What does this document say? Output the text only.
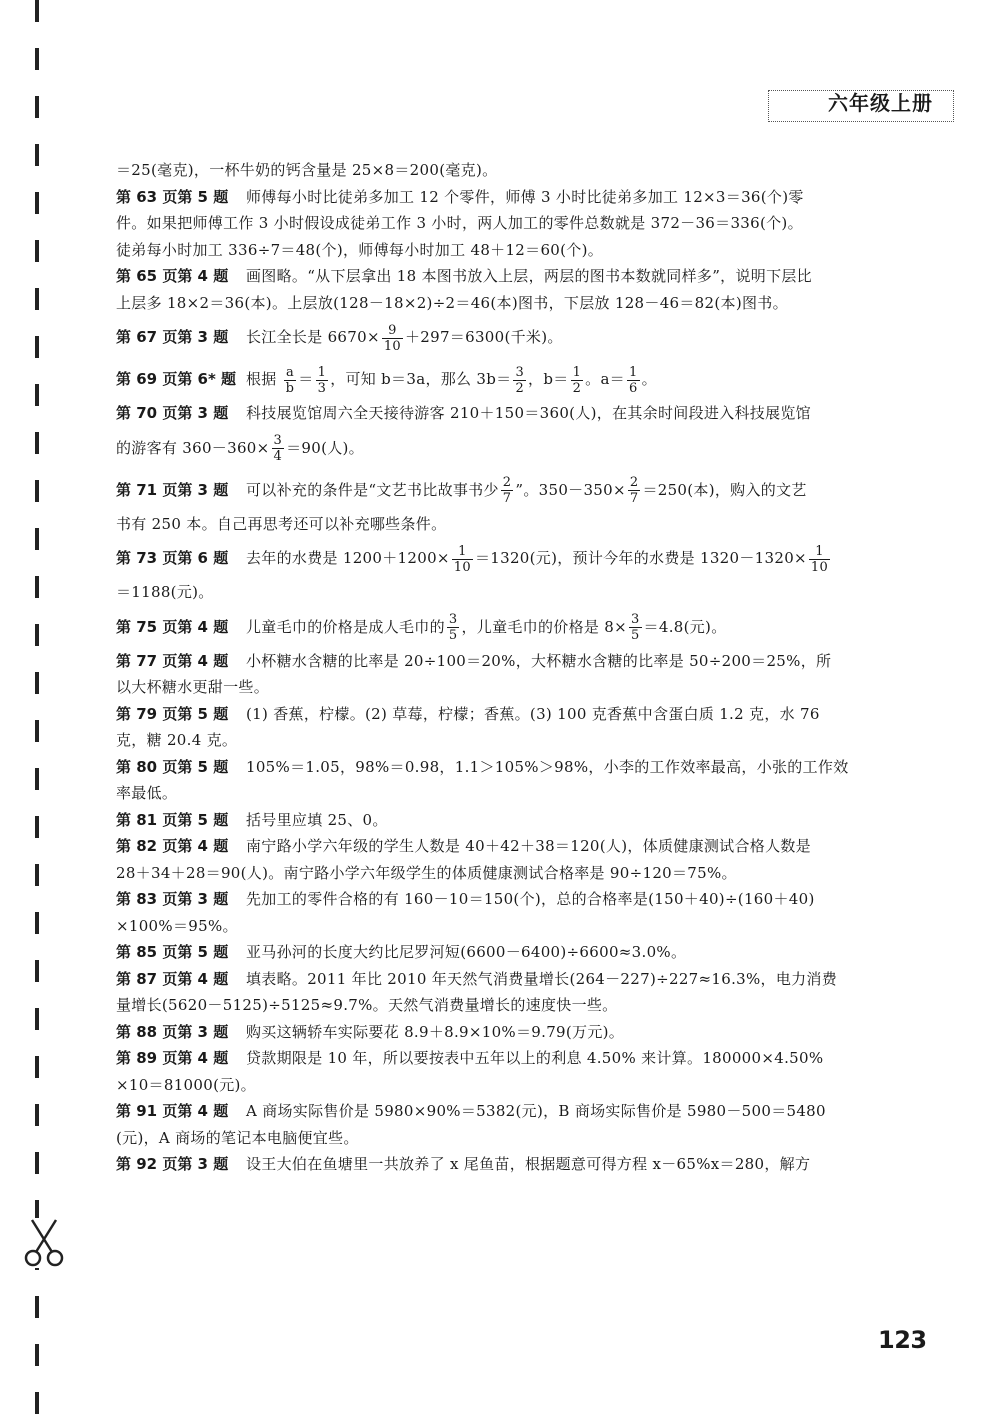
六年级上册

＝25(毫克)，一杯牛奶的钙含量是 25×8＝200(毫克)。

第 63 页第 5 题 师傅每小时比徒弟多加工 12 个零件，师傅 3 小时比徒弟多加工 12×3＝36(个)零

件。如果把师傅工作 3 小时假设成徒弟工作 3 小时，两人加工的零件总数就是 372－36＝336(个)。

徒弟每小时加工 336÷7＝48(个)，师傅每小时加工 48＋12＝60(个)。

第 65 页第 4 题 画图略。“从下层拿出 18 本图书放入上层，两层的图书本数就同样多”，说明下层比

上层多 18×2＝36(本)。上层放(128－18×2)÷2＝46(本)图书，下层放 128－46＝82(本)图书。

第 67 页第 3 题 长江全长是 $6670\times \frac{9}{10} +297=6300$(千米)。

第 69 页第 6* 题 根据 $\frac{a}{b} = \frac{1}{3}$ ，可知 b＝3a，那么 $3b= \frac{3}{2}$ ，$b= \frac{1}{2}$ 。$a= \frac{1}{6}$ 。

第 70 页第 3 题 科技展览馆周六全天接待游客 210＋150＝360(人)，在其余时间段进入科技展览馆

的游客有 $360-360\times \frac{3}{4} =90$(人)。

第 71 页第 3 题 可以补充的条件是“文艺书比故事书少 $\frac{2}{7}$ ”。$350-350\times \frac{2}{7} =250$(本)，购入的文艺

书有 250 本。自己再思考还可以补充哪些条件。

第 73 页第 6 题 去年的水费是 $1200+1200\times \frac{1}{10} =1320$(元)，预计今年的水费是 $1320-1320\times \frac{1}{10}$

＝1188(元)。

第 75 页第 4 题 儿童毛巾的价格是成人毛巾的 $\frac{3}{5}$ ，儿童毛巾的价格是 $8\times \frac{3}{5} =4.8$(元)。

第 77 页第 4 题 小杯糖水含糖的比率是 20÷100＝20%，大杯糖水含糖的比率是 50÷200＝25%，所

以大杯糖水更甜一些。

第 79 页第 5 题 (1) 香蕉，柠檬。(2) 草莓，柠檬；香蕉。(3) 100 克香蕉中含蛋白质 1.2 克，水 76

克，糖 20.4 克。

第 80 页第 5 题 105%＝1.05，98%＝0.98，1.1＞105%＞98%，小李的工作效率最高，小张的工作效

率最低。

第 81 页第 5 题 括号里应填 25、0。

第 82 页第 4 题 南宁路小学六年级的学生人数是 40＋42＋38＝120(人)，体质健康测试合格人数是

28＋34＋28＝90(人)。南宁路小学六年级学生的体质健康测试合格率是 90÷120＝75%。

第 83 页第 3 题 先加工的零件合格的有 160－10＝150(个)，总的合格率是(150＋40)÷(160＋40)

×100%＝95%。

第 85 页第 5 题 亚马孙河的长度大约比尼罗河短(6600－6400)÷6600≈3.0%。

第 87 页第 4 题 填表略。2011 年比 2010 年天然气消费量增长(264－227)÷227≈16.3%，电力消费

量增长(5620－5125)÷5125≈9.7%。天然气消费量增长的速度快一些。

第 88 页第 3 题 购买这辆轿车实际要花 8.9＋8.9×10%＝9.79(万元)。

第 89 页第 4 题 贷款期限是 10 年，所以要按表中五年以上的利息 4.50% 来计算。180000×4.50%

×10＝81000(元)。

第 91 页第 4 题 A 商场实际售价是 5980×90%＝5382(元)，B 商场实际售价是 5980－500＝5480

(元)，A 商场的笔记本电脑便宜些。

第 92 页第 3 题 设王大伯在鱼塘里一共放养了 x 尾鱼苗，根据题意可得方程 x－65%x＝280，解方

123
